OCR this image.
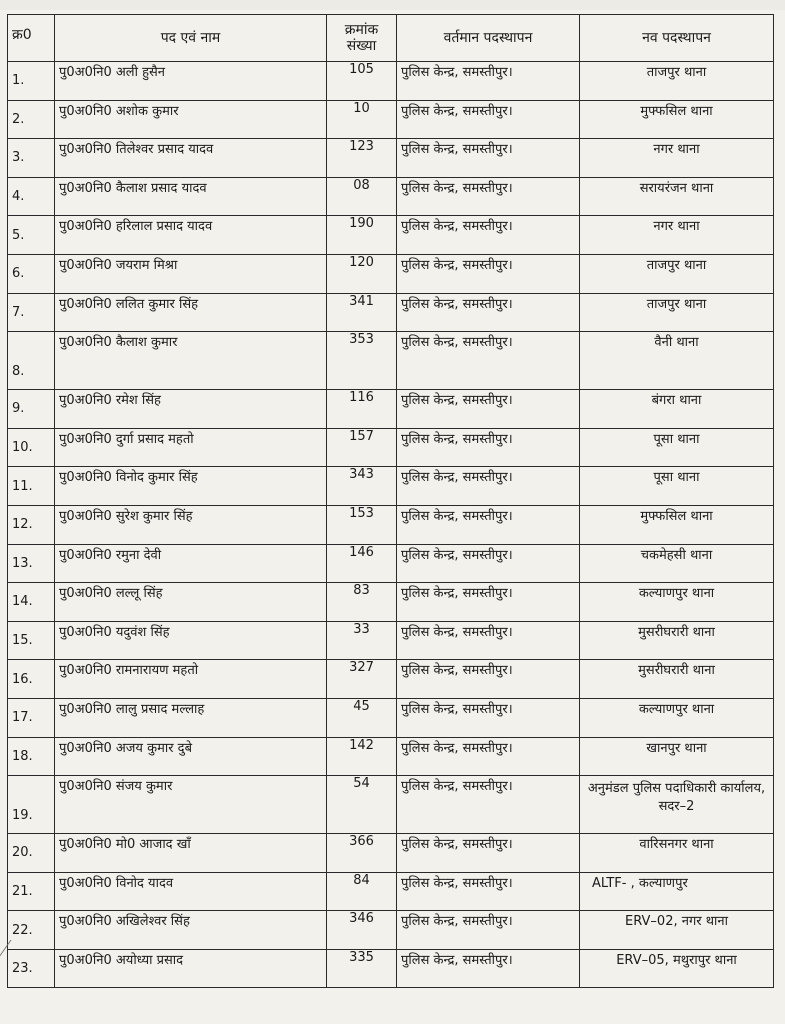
क्र0	पद एवं नाम	क्रमांक संख्या	वर्तमान पदस्थापन	नव पदस्थापन
1.	पु0अ0नि0 अली हुसैन	105	पुलिस केन्द्र, समस्तीपुर।	ताजपुर थाना
2.	पु0अ0नि0 अशोक कुमार	10	पुलिस केन्द्र, समस्तीपुर।	मुफ्फसिल थाना
3.	पु0अ0नि0 तिलेश्वर प्रसाद यादव	123	पुलिस केन्द्र, समस्तीपुर।	नगर थाना
4.	पु0अ0नि0 कैलाश प्रसाद यादव	08	पुलिस केन्द्र, समस्तीपुर।	सरायरंजन थाना
5.	पु0अ0नि0 हरिलाल प्रसाद यादव	190	पुलिस केन्द्र, समस्तीपुर।	नगर थाना
6.	पु0अ0नि0 जयराम मिश्रा	120	पुलिस केन्द्र, समस्तीपुर।	ताजपुर थाना
7.	पु0अ0नि0 ललित कुमार सिंह	341	पुलिस केन्द्र, समस्तीपुर।	ताजपुर थाना
8.	पु0अ0नि0 कैलाश कुमार	353	पुलिस केन्द्र, समस्तीपुर।	वैनी थाना
9.	पु0अ0नि0 रमेश सिंह	116	पुलिस केन्द्र, समस्तीपुर।	बंगरा थाना
10.	पु0अ0नि0 दुर्गा प्रसाद महतो	157	पुलिस केन्द्र, समस्तीपुर।	पूसा थाना
11.	पु0अ0नि0 विनोद कुमार सिंह	343	पुलिस केन्द्र, समस्तीपुर।	पूसा थाना
12.	पु0अ0नि0 सुरेश कुमार सिंह	153	पुलिस केन्द्र, समस्तीपुर।	मुफ्फसिल थाना
13.	पु0अ0नि0 रमुना देवी	146	पुलिस केन्द्र, समस्तीपुर।	चकमेहसी थाना
14.	पु0अ0नि0 लल्लू सिंह	83	पुलिस केन्द्र, समस्तीपुर।	कल्याणपुर थाना
15.	पु0अ0नि0 यदुवंश सिंह	33	पुलिस केन्द्र, समस्तीपुर।	मुसरीघरारी थाना
16.	पु0अ0नि0 रामनारायण महतो	327	पुलिस केन्द्र, समस्तीपुर।	मुसरीघरारी थाना
17.	पु0अ0नि0 लालु प्रसाद मल्लाह	45	पुलिस केन्द्र, समस्तीपुर।	कल्याणपुर थाना
18.	पु0अ0नि0 अजय कुमार दुबे	142	पुलिस केन्द्र, समस्तीपुर।	खानपुर थाना
19.	पु0अ0नि0 संजय कुमार	54	पुलिस केन्द्र, समस्तीपुर।	अनुमंडल पुलिस पदाधिकारी कार्यालय, सदर–2
20.	पु0अ0नि0 मो0 आजाद खाँ	366	पुलिस केन्द्र, समस्तीपुर।	वारिसनगर थाना
21.	पु0अ0नि0 विनोद यादव	84	पुलिस केन्द्र, समस्तीपुर।	ALTF- , कल्याणपुर
22.	पु0अ0नि0 अखिलेश्वर सिंह	346	पुलिस केन्द्र, समस्तीपुर।	ERV–02, नगर थाना
23.	पु0अ0नि0 अयोध्या प्रसाद	335	पुलिस केन्द्र, समस्तीपुर।	ERV–05, मथुरापुर थाना
